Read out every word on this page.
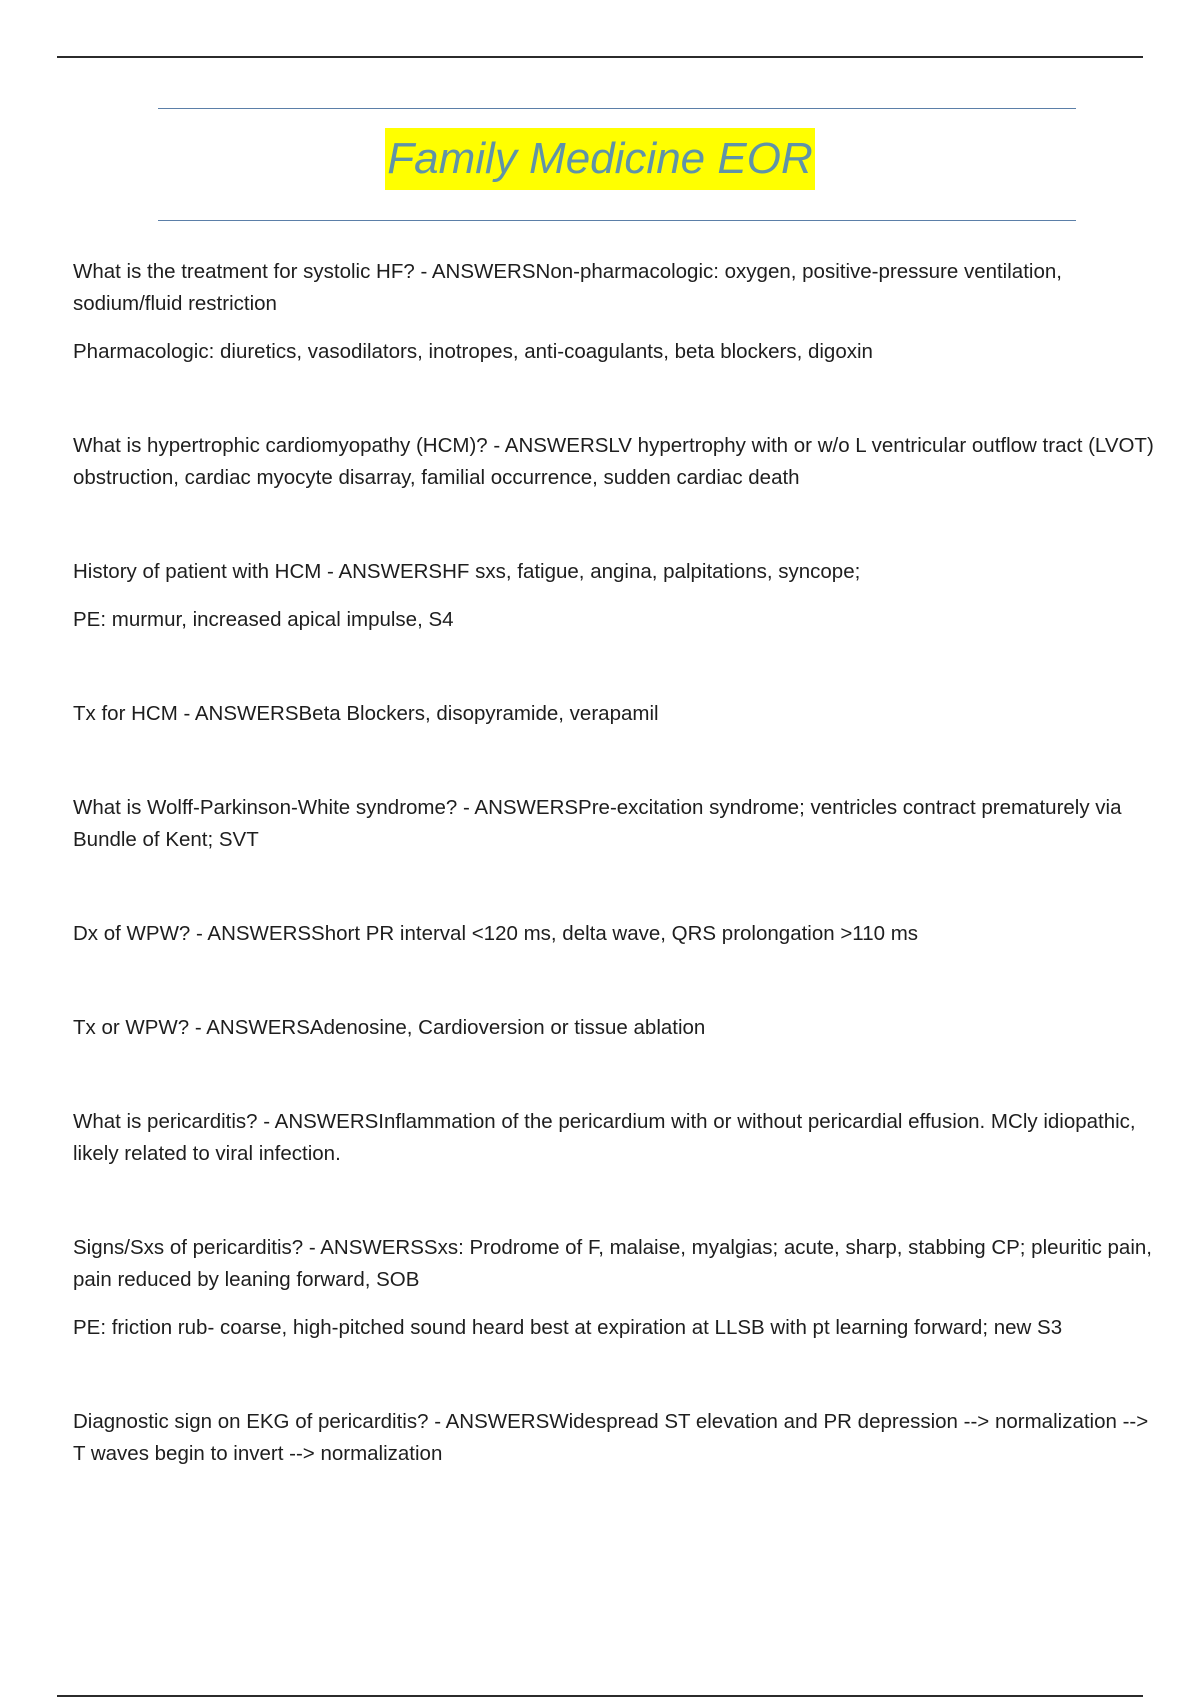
Family Medicine EOR

What is the treatment for systolic HF? - ANSWERSNon-pharmacologic: oxygen, positive-pressure ventilation, sodium/fluid restriction

Pharmacologic: diuretics, vasodilators, inotropes, anti-coagulants, beta blockers, digoxin

What is hypertrophic cardiomyopathy (HCM)? - ANSWERSLV hypertrophy with or w/o L ventricular outflow tract (LVOT) obstruction, cardiac myocyte disarray, familial occurrence, sudden cardiac death

History of patient with HCM - ANSWERSHF sxs, fatigue, angina, palpitations, syncope;

PE: murmur, increased apical impulse, S4

Tx for HCM - ANSWERSBeta Blockers, disopyramide, verapamil

What is Wolff-Parkinson-White syndrome? - ANSWERSPre-excitation syndrome; ventricles contract prematurely via Bundle of Kent; SVT

Dx of WPW? - ANSWERSShort PR interval <120 ms, delta wave, QRS prolongation >110 ms

Tx or WPW? - ANSWERSAdenosine, Cardioversion or tissue ablation

What is pericarditis? - ANSWERSInflammation of the pericardium with or without pericardial effusion. MCly idiopathic, likely related to viral infection.

Signs/Sxs of pericarditis? - ANSWERSSxs: Prodrome of F, malaise, myalgias; acute, sharp, stabbing CP; pleuritic pain, pain reduced by leaning forward, SOB

PE: friction rub- coarse, high-pitched sound heard best at expiration at LLSB with pt learning forward; new S3

Diagnostic sign on EKG of pericarditis? - ANSWERSWidespread ST elevation and PR depression --> normalization --> T waves begin to invert --> normalization
